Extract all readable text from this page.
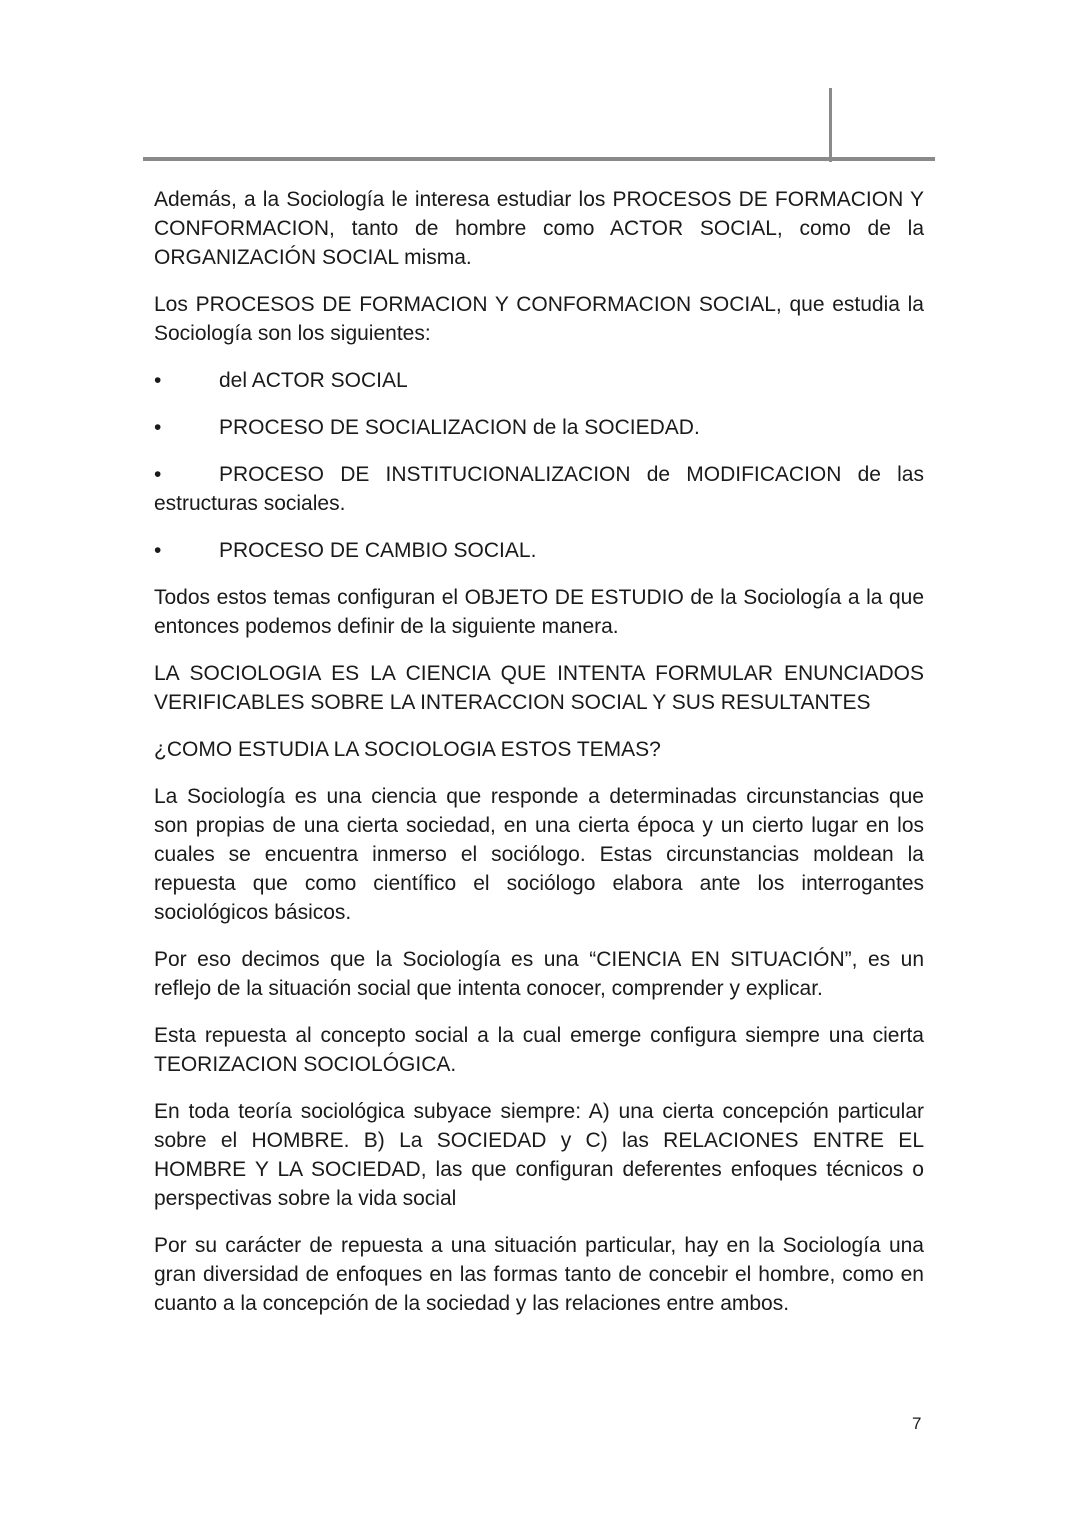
Además, a la Sociología le interesa estudiar los PROCESOS DE FORMACION Y CONFORMACION, tanto de hombre como ACTOR SOCIAL, como de la ORGANIZACIÓN SOCIAL misma.

Los PROCESOS DE FORMACION Y CONFORMACION SOCIAL, que estudia la Sociología son los siguientes:

•	del ACTOR SOCIAL

•	PROCESO DE SOCIALIZACION de la SOCIEDAD.

•	PROCESO DE INSTITUCIONALIZACION de MODIFICACION de las estructuras sociales.

•	PROCESO DE CAMBIO SOCIAL.

Todos estos temas configuran el OBJETO DE ESTUDIO de la Sociología a la que entonces podemos definir de la siguiente manera.

LA SOCIOLOGIA ES LA CIENCIA QUE INTENTA FORMULAR ENUNCIADOS VERIFICABLES SOBRE LA INTERACCION SOCIAL Y SUS RESULTANTES

¿COMO ESTUDIA LA SOCIOLOGIA ESTOS TEMAS?

La Sociología es una ciencia que responde a determinadas circunstancias que son propias de una cierta sociedad, en una cierta época y un cierto lugar en los cuales se encuentra inmerso el sociólogo. Estas circunstancias moldean la repuesta que como científico el sociólogo elabora ante los interrogantes sociológicos básicos.

Por eso decimos que la Sociología es una “CIENCIA EN SITUACIÓN”, es un reflejo de la situación social que intenta conocer, comprender y explicar.

Esta repuesta al concepto social a la cual emerge configura siempre una cierta TEORIZACION SOCIOLÓGICA.

En toda teoría sociológica subyace siempre: A) una cierta concepción particular sobre el HOMBRE. B) La SOCIEDAD y C) las RELACIONES ENTRE EL HOMBRE Y LA SOCIEDAD, las que configuran deferentes enfoques técnicos o perspectivas sobre la vida social

Por su carácter de repuesta a una situación particular, hay en la Sociología una gran diversidad de enfoques en las formas tanto de concebir el hombre, como en cuanto a la concepción de la sociedad y las relaciones entre ambos.

7
